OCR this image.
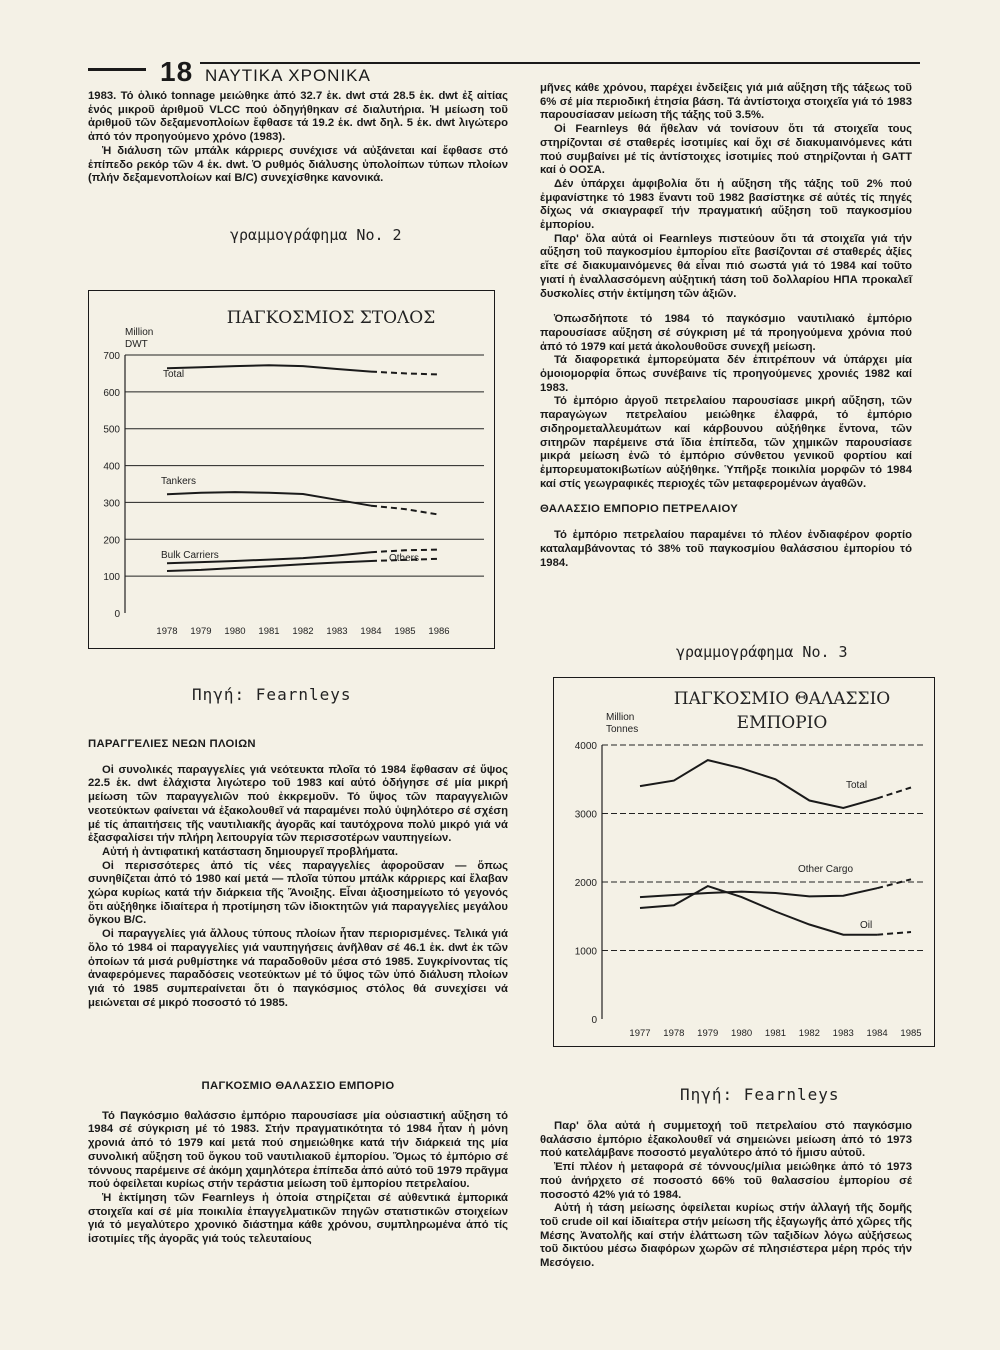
18 ΝΑΥΤΙΚΑ ΧΡΟΝΙΚΑ

1983. Τό ὁλικό tonnage μειώθηκε ἀπό 32.7 ἑκ. dwt στά 28.5 ἑκ. dwt ἐξ αἰτίας ἑνός μικροῦ ἀριθμοῦ VLCC πού ὁδηγήθηκαν σέ διαλυτήρια. Ἡ μείωση τοῦ ἀριθμοῦ τῶν δεξαμενοπλοίων ἔφθασε τά 19.2 ἑκ. dwt δηλ. 5 ἑκ. dwt λιγώτερο ἀπό τόν προηγούμενο χρόνο (1983).

Ἡ διάλυση τῶν μπάλκ κάρριερς συνέχισε νά αὐξάνεται καί ἔφθασε στό ἐπίπεδο ρεκόρ τῶν 4 ἑκ. dwt. Ὁ ρυθμός διάλυσης ὑπολοίπων τύπων πλοίων (πλήν δεξαμενοπλοίων καί B/C) συνεχίσθηκε κανονικά.

γραμμογράφημα Νο. 2
ΠΑΓΚΟΣΜΙΟΣ ΣΤΟΛΟΣ
Million
DWT
700
600
500
400
300
200
100
0
1978 1979 1980 1981 1982 1983 1984 1985 1986
Total
Tankers
Bulk Carriers	Others
Πηγή: Fearnleys
ΠΑΡΑΓΓΕΛΙΕΣ ΝΕΩΝ ΠΛΟΙΩΝ

Οἱ συνολικές παραγγελίες γιά νεότευκτα πλοῖα τό 1984 ἔφθασαν σέ ὕψος 22.5 ἑκ. dwt ἐλάχιστα λιγώτερο τοῦ 1983 καί αὐτό ὁδήγησε σέ μία μικρή μείωση τῶν παραγγελιῶν πού ἐκκρεμοῦν. Τό ὕψος τῶν παραγγελιῶν νεοτεύκτων φαίνεται νά ἐξακολουθεῖ νά παραμένει πολύ ὑψηλότερο σέ σχέση μέ τίς ἀπαιτήσεις τῆς ναυτιλιακῆς ἀγορᾶς καί ταυτόχρονα πολύ μικρό γιά νά ἐξασφαλίσει τήν πλήρη λειτουργία τῶν περισσοτέρων ναυπηγείων.

Αὐτή ἡ ἀντιφατική κατάσταση δημιουργεῖ προβλήματα.

Οἱ περισσότερες ἀπό τίς νέες παραγγελίες ἀφοροῦσαν — ὅπως συνηθίζεται ἀπό τό 1980 καί μετά — πλοῖα τύπου μπάλκ κάρριερς καί ἔλαβαν χώρα κυρίως κατά τήν διάρκεια τῆς Ἄνοιξης. Εἶναι ἀξιοσημείωτο τό γεγονός ὅτι αὐξήθηκε ἰδιαίτερα ἡ προτίμηση τῶν ἰδιοκτητῶν γιά παραγγελίες μεγάλου ὄγκου B/C.

Οἱ παραγγελίες γιά ἄλλους τύπους πλοίων ἦταν περιορισμένες. Τελικά γιά ὅλο τό 1984 οἱ παραγγελίες γιά ναυπηγήσεις ἀνῆλθαν σέ 46.1 ἑκ. dwt ἐκ τῶν ὁποίων τά μισά ρυθμίστηκε νά παραδοθοῦν μέσα στό 1985. Συγκρίνοντας τίς ἀναφερόμενες παραδόσεις νεοτεύκτων μέ τό ὕψος τῶν ὑπό διάλυση πλοίων γιά τό 1985 συμπεραίνεται ὅτι ὁ παγκόσμιος στόλος θά συνεχίσει νά μειώνεται σέ μικρό ποσοστό τό 1985.

ΠΑΓΚΟΣΜΙΟ ΘΑΛΑΣΣΙΟ ΕΜΠΟΡΙΟ

Τό Παγκόσμιο θαλάσσιο ἐμπόριο παρουσίασε μία οὐσιαστική αὔξηση τό 1984 σέ σύγκριση μέ τό 1983. Στήν πραγματικότητα τό 1984 ἦταν ἡ μόνη χρονιά ἀπό τό 1979 καί μετά πού σημειώθηκε κατά τήν διάρκειά της μία συνολική αὔξηση τοῦ ὄγκου τοῦ ναυτιλιακοῦ ἐμπορίου. Ὅμως τό ἐμπόριο σέ τόννους παρέμεινε σέ ἀκόμη χαμηλότερα ἐπίπεδα ἀπό αὐτό τοῦ 1979 πρᾶγμα πού ὀφείλεται κυρίως στήν τεράστια μείωση τοῦ ἐμπορίου πετρελαίου.

Ἡ ἐκτίμηση τῶν Fearnleys ἡ ὁποία στηρίζεται σέ αὐθεντικά ἐμπορικά στοιχεῖα καί σέ μία ποικιλία ἐπαγγελματικῶν πηγῶν στατιστικῶν στοιχείων γιά τό μεγαλύτερο χρονικό διάστημα κάθε χρόνου, συμπληρωμένα ἀπό τίς ἰσοτιμίες τῆς ἀγορᾶς γιά τούς τελευταίους

μῆνες κάθε χρόνου, παρέχει ἐνδείξεις γιά μιά αὔξηση τῆς τάξεως τοῦ 6% σέ μία περιοδική ἐτησία βάση. Τά ἀντίστοιχα στοιχεῖα γιά τό 1983 παρουσίασαν μείωση τῆς τάξης τοῦ 3.5%.

Οἱ Fearnleys θά ἤθελαν νά τονίσουν ὅτι τά στοιχεῖα τους στηρίζονται σέ σταθερές ἰσοτιμίες καί ὄχι σέ διακυμαινόμενες κάτι πού συμβαίνει μέ τίς ἀντίστοιχες ἰσοτιμίες πού στηρίζονται ἡ GATT καί ὁ ΟΟΣΑ.

Δέν ὑπάρχει ἀμφιβολία ὅτι ἡ αὔξηση τῆς τάξης τοῦ 2% πού ἐμφανίστηκε τό 1983 ἔναντι τοῦ 1982 βασίστηκε σέ αὐτές τίς πηγές δίχως νά σκιαγραφεῖ τήν πραγματική αὔξηση τοῦ παγκοσμίου ἐμπορίου.

Παρ' ὅλα αὐτά οἱ Fearnleys πιστεύουν ὅτι τά στοιχεῖα γιά τήν αὔξηση τοῦ παγκοσμίου ἐμπορίου εἴτε βασίζονται σέ σταθερές ἀξίες εἴτε σέ διακυμαινόμενες θά εἶναι πιό σωστά γιά τό 1984 καί τοῦτο γιατί ἡ ἐναλλασσόμενη αὐξητική τάση τοῦ δολλαρίου ΗΠΑ προκαλεῖ δυσκολίες στήν ἐκτίμηση τῶν ἀξιῶν.

Ὁπωσδήποτε τό 1984 τό παγκόσμιο ναυτιλιακό ἐμπόριο παρουσίασε αὔξηση σέ σύγκριση μέ τά προηγούμενα χρόνια πού ἀπό τό 1979 καί μετά ἀκολουθοῦσε συνεχῆ μείωση.

Τά διαφορετικά ἐμπορεύματα δέν ἐπιτρέπουν νά ὑπάρχει μία ὁμοιομορφία ὅπως συνέβαινε τίς προηγούμενες χρονιές 1982 καί 1983.

Τό ἐμπόριο ἀργοῦ πετρελαίου παρουσίασε μικρή αὔξηση, τῶν παραγώγων πετρελαίου μειώθηκε ἐλαφρά, τό ἐμπόριο σιδηρομεταλλευμάτων καί κάρβουνου αὐξήθηκε ἔντονα, τῶν σιτηρῶν παρέμεινε στά ἴδια ἐπίπεδα, τῶν χημικῶν παρουσίασε μικρά μείωση ἐνῶ τό ἐμπόριο σύνθετου γενικοῦ φορτίου καί ἐμπορευματοκιβωτίων αὐξήθηκε. Ὑπῆρξε ποικιλία μορφῶν τό 1984 καί στίς γεωγραφικές περιοχές τῶν μεταφερομένων ἀγαθῶν.

ΘΑΛΑΣΣΙΟ ΕΜΠΟΡΙΟ ΠΕΤΡΕΛΑΙΟΥ

Τό ἐμπόριο πετρελαίου παραμένει τό πλέον ἐνδιαφέρον φορτίο καταλαμβάνοντας τό 38% τοῦ παγκοσμίου θαλάσσιου ἐμπορίου τό 1984.

γραμμογράφημα Νο. 3
ΠΑΓΚΟΣΜΙΟ ΘΑΛΑΣΣΙΟ
ΕΜΠΟΡΙΟ
Million
Tonnes
4000
3000
2000
1000
0
1977 1978 1979 1980 1981 1982 1983 1984 1985
Total
Other Cargo
Oil
Πηγή: Fearnleys

Παρ' ὅλα αὐτά ἡ συμμετοχή τοῦ πετρελαίου στό παγκόσμιο θαλάσσιο ἐμπόριο ἐξακολουθεῖ νά σημειώνει μείωση ἀπό τό 1973 πού κατελάμβανε ποσοστό μεγαλύτερο ἀπό τό ἥμισυ αὐτοῦ.

Ἐπί πλέον ἡ μεταφορά σέ τόννους/μίλια μειώθηκε ἀπό τό 1973 πού ἀνήρχετο σέ ποσοστό 66% τοῦ θαλασσίου ἐμπορίου σέ ποσοστό 42% γιά τό 1984.

Αὐτή ἡ τάση μείωσης ὀφείλεται κυρίως στήν ἀλλαγή τῆς δομῆς τοῦ crude oil καί ἰδιαίτερα στήν μείωση τῆς ἐξαγωγῆς ἀπό χῶρες τῆς Μέσης Ἀνατολῆς καί στήν ἐλάττωση τῶν ταξιδίων λόγω αὐξήσεως τοῦ δικτύου μέσω διαφόρων χωρῶν σέ πλησιέστερα μέρη πρός τήν Μεσόγειο.
